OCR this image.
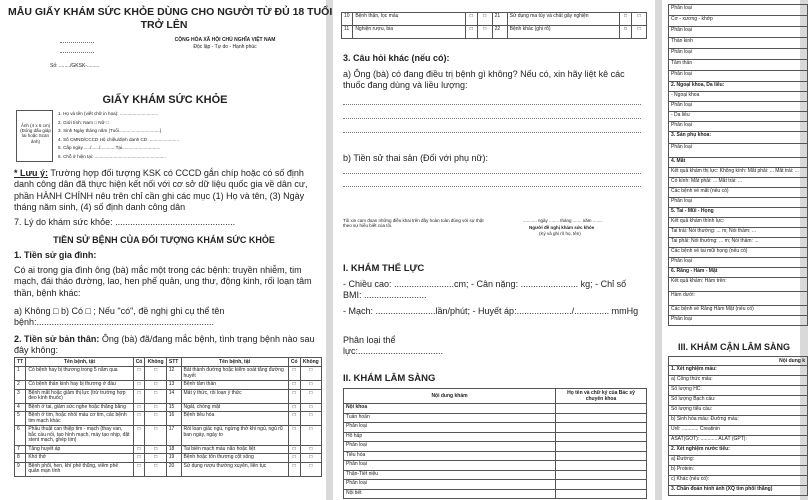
MẪU GIẤY KHÁM SỨC KHỎE DÙNG CHO NGƯỜI TỪ ĐỦ 18 TUỔI
TRỞ LÊN
CỘNG HÒA XÃ HỘI CHỦ NGHĨA VIỆT NAM
Độc lập - Tự do - Hạnh phúc
Số: ......../GKSK-.........
GIẤY KHÁM SỨC KHỎE
Ảnh (4 x 6 cm) (Đóng dấu giáp lai hoặc Scan ảnh)
1. Họ và tên (viết chữ in hoa): ..............................
2. Giới tính: Nam □ Nữ □
3. Sinh Ngày tháng năm (Tuổi................................)
4. Số CMND/CCCD Hộ chiếu/định danh CD ........................
5. Cấp ngày....../....../............Tại..............................
6. Chỗ ở hiện tại: ........................................................
* Lưu ý: Trường hợp đối tượng KSK có CCCD gắn chíp hoặc có số định danh công dân đã thực hiện kết nối với cơ sở dữ liệu quốc gia về dân cư, phần HÀNH CHÍNH nêu trên chỉ cần ghi các mục (1) Họ và tên, (3) Ngày tháng năm sinh, (4) số định danh công dân
7. Lý do khám sức khỏe: ................................................
TIỀN SỬ BỆNH CỦA ĐỐI TƯỢNG KHÁM SỨC KHỎE
1. Tiền sử gia đình:
Có ai trong gia đình ông (bà) mắc một trong các bệnh: truyền nhiễm, tim mạch, đái tháo đường, lao, hen phế quản, ung thư, động kinh, rối loạn tâm thần, bệnh khác:
a) Không □ b) Có □ ; Nếu "có", đề nghị ghi cụ thể tên bệnh:.......................................................................
2. Tiền sử bản thân: Ông (bà) đã/đang mắc bệnh, tình trạng bệnh nào sau đây không:
TT	Tên bệnh, tật	Có	Không	STT	Tên bệnh, tật	Có	Không
1	Có bệnh hay bị thương trong 5 năm qua	□	□	12	Bất thành đường hoặc kiểm soát tăng đường huyết	□	□
2	Có bệnh thần kinh hay bị thương ở đầu	□	□	13	Bệnh tâm thần	□	□
3	Bệnh mắt hoặc giảm thị lực (trừ trường hợp đeo kính thuốc)	□	□	14	Mất ý thức, rối loạn ý thức	□	□
4	Bệnh ở tai, giảm sức nghe hoặc thăng bằng	□	□	15	Ngất, chóng mặt	□	□
5	Bệnh ở tim, hoặc nhồi máu cơ tim, các bệnh tim mạch khác	□	□	16	Bệnh tiêu hóa	□	□
6	Phẫu thuật can thiệp tim - mạch (thay van, bắc cầu nối, tạo hình mạch, máy tạo nhịp, đặt stent mạch, ghép tim)	□	□	17	Rối loạn giấc ngủ, ngừng thở khi ngủ, ngủ rũ ban ngày, ngáy to	□	□
7	Tăng huyết áp	□	□	18	Tai biến mạch máu não hoặc liệt	□	□
8	Khó thở	□	□	19	Bệnh hoặc tổn thương cột sống	□	□
9	Bệnh phổi, hen, khí phế thũng, viêm phế quản mạn tính	□	□	20	Sử dụng rượu thường xuyên, liên tục	□	□
10	Bệnh thận, lọc máu	□	□	21	Sử dụng ma túy và chất gây nghiện	□	□
11	Nghiện rượu, bia	□	□	22	Bệnh khác (ghi rõ)	□	□
3. Câu hỏi khác (nếu có):
a) Ông (bà) có đang điều trị bệnh gì không? Nếu có, xin hãy liệt kê các thuốc đang dùng và liều lượng:
b) Tiền sử thai sản (Đối với phụ nữ):
Tôi xin cam đoan những điều khai trên đây hoàn toàn đúng với sự thật theo sự hiểu biết của tôi.
........... ngày ........ tháng ....... năm ........
Người đề nghị khám sức khỏe
(Ký và ghi rõ họ, tên)
I. KHÁM THỂ LỰC
- Chiều cao: ........................cm; - Cân nặng: ....................... kg; - Chỉ số BMI: .........................
- Mạch: ........................lần/phút; - Huyết áp:....................../.............. mmHg
Phân loại thể lực:..................................
II. KHÁM LÂM SÀNG
Nội dung khám	Họ tên và chữ ký của Bác sỹ chuyên khoa
Nội khoa	
Tuần hoàn	
Phân loại	
Hô hấp	
Phân loại	
Tiêu hóa	
Phân loại	
Thận-Tiết niệu	
Phân loại	
Nội tiết	
Phân loại
Cơ - xương - khớp
Phân loại
Thần kinh
Phân loại
Tâm thần
Phân loại
2. Ngoại khoa, Da liễu:
- Ngoại khoa
Phân loại
- Da liễu
Phân loại
3. Sản phụ khoa:
Phân loại
4. Mắt
Kết quả khám thị lực: Không kính: Mắt phải: ... Mắt trái: ...
Có kính: Mắt phải: ... Mắt trái: ...
Các bệnh về mắt (nếu có)
Phân loại
5. Tai - Mũi - Họng
Kết quả khám thính lực:
Tai trái: Nói thường: ... m; Nói thầm: ...
Tai phải: Nói thường: ... m; Nói thầm: ...
Các bệnh về tai mũi họng (nếu có)
Phân loại
6. Răng - Hàm - Mặt
Kết quả khám: Hàm trên:
Hàm dưới:
Các bệnh về Răng Hàm Mặt (nếu có)
Phân loại
III. KHÁM CẬN LÂM SÀNG
Nội dung k
1. Xét nghiệm máu:
a) Công thức máu:
Số lượng HC:
Số lượng Bạch cầu:
Số lượng tiểu cầu:
b) Sinh hóa máu: Đường máu:
Urê: ............ Creatinin
ASAT(GOT): ............ ALAT (GPT):
2. Xét nghiệm nước tiểu:
a) Đường:
b) Protein:
c) Khác (nếu có):
3. Chẩn đoán hình ảnh (XQ tim phổi thẳng)
